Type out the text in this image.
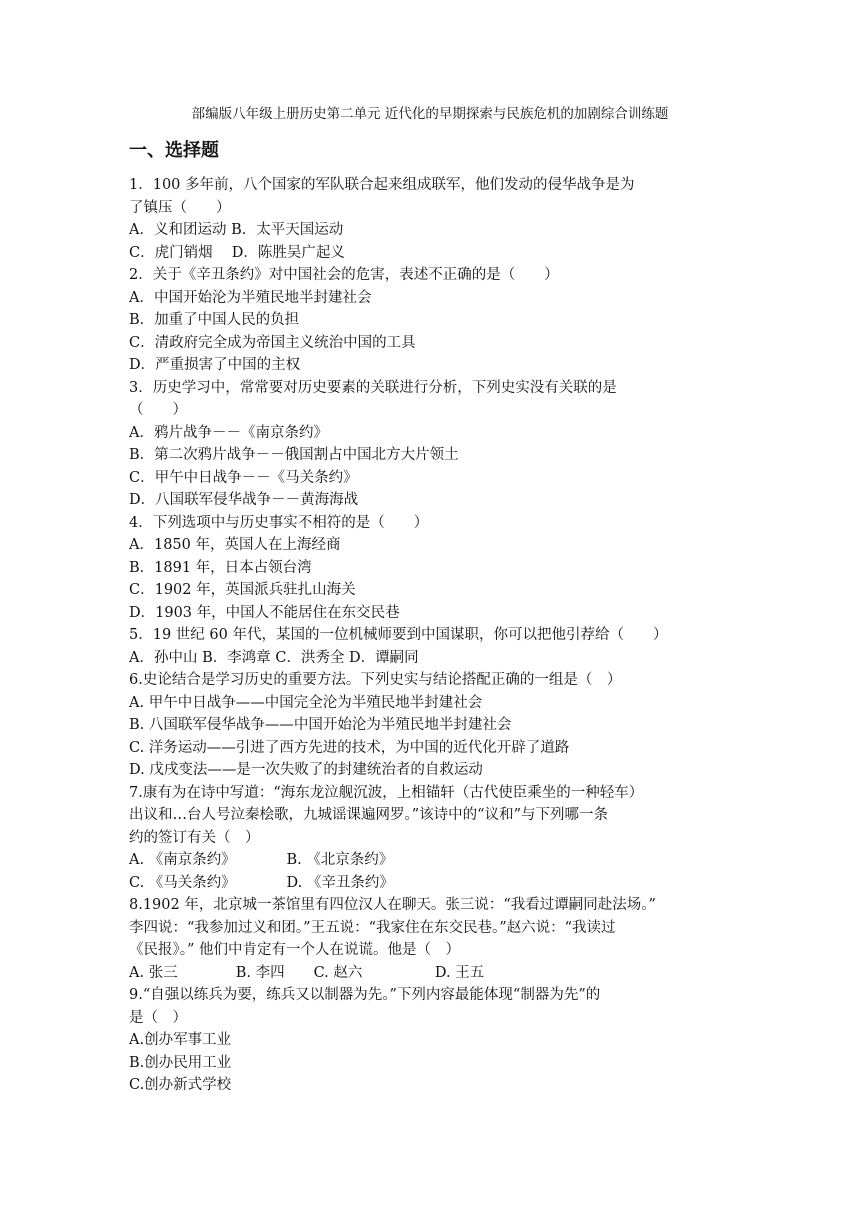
部编版八年级上册历史第二单元 近代化的早期探索与民族危机的加剧综合训练题
一、选择题
1．100 多年前，八个国家的军队联合起来组成联军，他们发动的侵华战争是为
了镇压（　　）
A．义和团运动 B．太平天国运动
C．虎门销烟　 D．陈胜吴广起义
2．关于《辛丑条约》对中国社会的危害，表述不正确的是（　　）
A．中国开始沦为半殖民地半封建社会
B．加重了中国人民的负担
C．清政府完全成为帝国主义统治中国的工具
D．严重损害了中国的主权
3．历史学习中，常常要对历史要素的关联进行分析，下列史实没有关联的是
（　　）
A．鸦片战争－－《南京条约》
B．第二次鸦片战争－－俄国割占中国北方大片领土
C．甲午中日战争－－《马关条约》
D．八国联军侵华战争－－黄海海战
4．下列选项中与历史事实不相符的是（　　）
A．1850 年，英国人在上海经商
B．1891 年，日本占领台湾
C．1902 年，英国派兵驻扎山海关
D．1903 年，中国人不能居住在东交民巷
5．19 世纪 60 年代，某国的一位机械师要到中国谋职，你可以把他引荐给（　　）
A．孙中山 B．李鸿章 C．洪秀全 D．谭嗣同
6.史论结合是学习历史的重要方法。下列史实与结论搭配正确的一组是（　）
A. 甲午中日战争——中国完全沦为半殖民地半封建社会
B. 八国联军侵华战争——中国开始沦为半殖民地半封建社会
C. 洋务运动——引进了西方先进的技术，为中国的近代化开辟了道路
D. 戊戌变法——是一次失败了的封建统治者的自救运动
7.康有为在诗中写道：“海东龙泣舰沉波，上相锚轩（古代使臣乘坐的一种轻车）
出议和…台人号泣秦桧歌，九城谣课遍网罗。”该诗中的“议和”与下列哪一条
约的签订有关（　）
A. 《南京条约》　　　　B. 《北京条约》
C. 《马关条约》　　　　D. 《辛丑条约》
8.1902 年，北京城一茶馆里有四位汉人在聊天。张三说：“我看过谭嗣同赴法场。”
李四说：“我参加过义和团。”王五说：“我家住在东交民巷。”赵六说：“我读过
《民报》。” 他们中肯定有一个人在说谎。他是（　）
A. 张三　　　　B. 李四　　C. 赵六　　　　　D. 王五
9.“自强以练兵为要，练兵又以制器为先。”下列内容最能体现“制器为先”的
是（　）
A.创办军事工业
B.创办民用工业
C.创办新式学校
